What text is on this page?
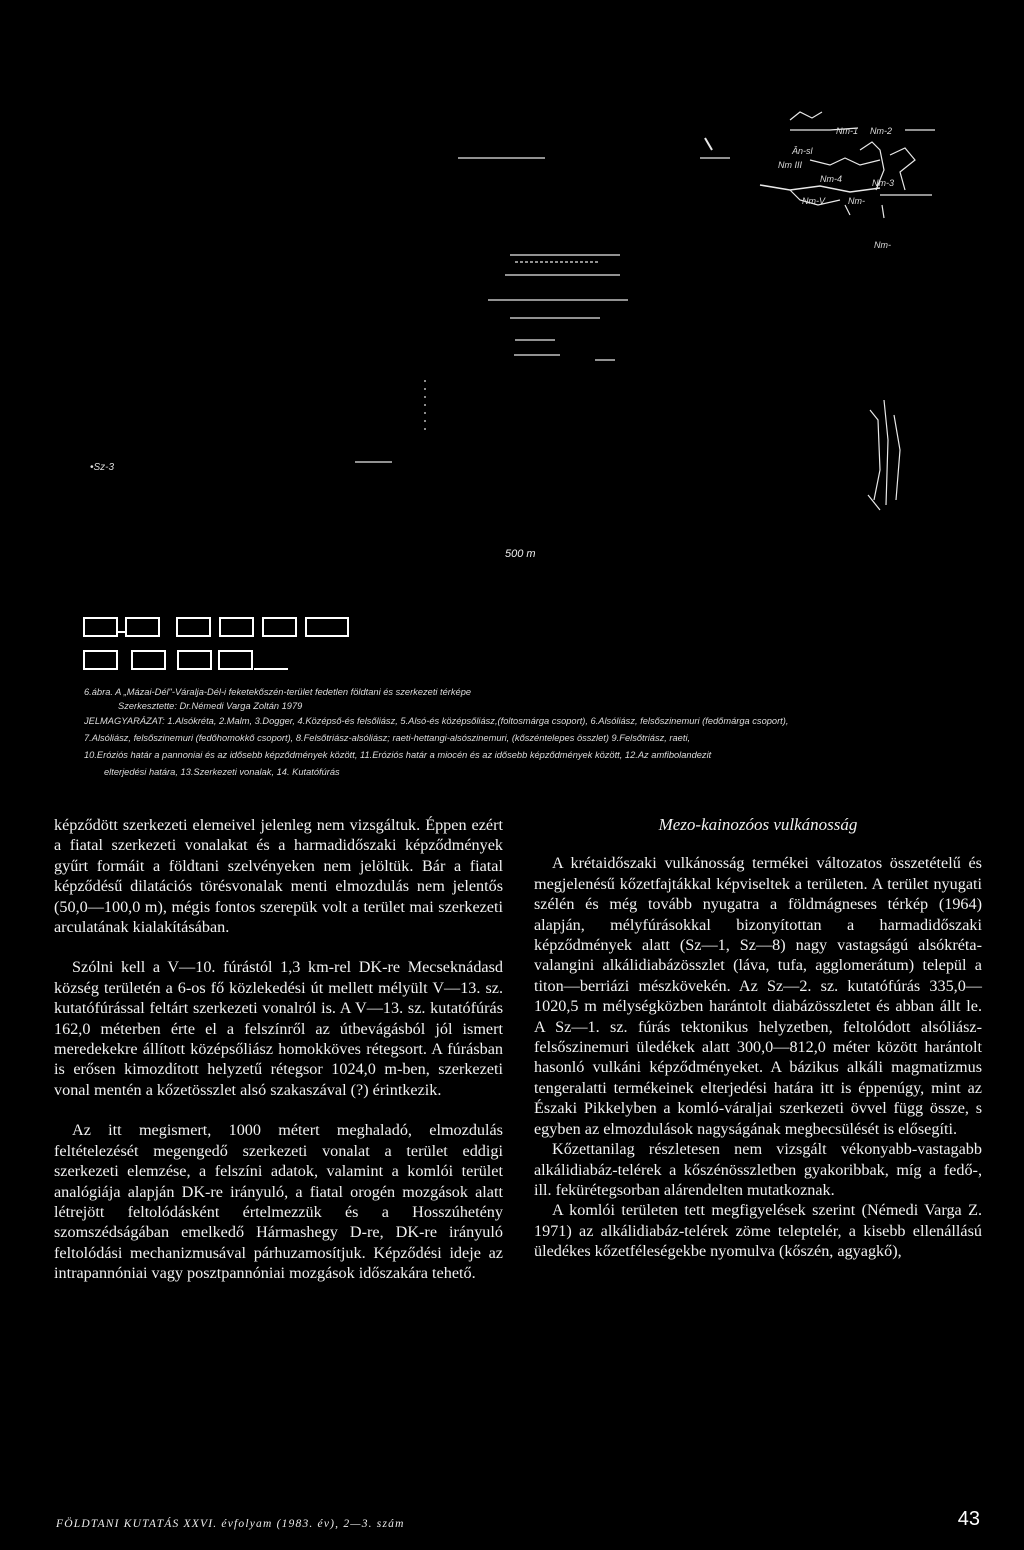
Nm-1 Nm-2
Ân-sl
Nm III
Nm-4	Nm-3
Nm-V	Nm-
Nm-
•Sz-3
500 m
6.ábra. A „Mázai-Dél"-Váralja-Dél-i feketekőszén-terület fedetlen földtani és szerkezeti térképe
Szerkesztette: Dr.Némedi Varga Zoltán 1979
JELMAGYARÁZAT: 1.Alsókréta, 2.Malm, 3.Dogger, 4.Középső-és felsőliász, 5.Alsó-és középsőliász,(foltosmárga csoport), 6.Alsóliász, felsőszinemuri (fedőmárga csoport),
7.Alsóliász, felsőszinemuri (fedőhomokkő csoport), 8.Felsőtriász-alsóliász; raeti-hettangi-alsószinemuri, (kőszéntelepes összlet) 9.Felsőtriász, raeti,
10.Eróziós határ a pannoniai és az idősebb képződmények között, 11.Eróziós határ a miocén és az idősebb képződmények között, 12.Az amfibolandezit
elterjedési határa, 13.Szerkezeti vonalak, 14. Kutatófúrás

képződött szerkezeti elemeivel jelenleg nem vizsgáltuk. Éppen ezért a fiatal szerkezeti vonalakat és a harmadidőszaki képződmények gyűrt formáit a földtani szelvényeken nem jelöltük. Bár a fiatal képződésű dilatációs törésvonalak menti elmozdulás nem jelentős (50,0—100,0 m), mégis fontos szerepük volt a terület mai szerkezeti arculatának kialakításában.

Szólni kell a V—10. fúrástól 1,3 km-rel DK-re Mecseknádasd község területén a 6-os fő közlekedési út mellett mélyült V—13. sz. kutatófúrással feltárt szerkezeti vonalról is. A V—13. sz. kutatófúrás 162,0 méterben érte el a felszínről az útbevágásból jól ismert meredekekre állított középsőliász homokköves rétegsort. A fúrásban is erősen kimozdított helyzetű rétegsor 1024,0 m-ben, szerkezeti vonal mentén a kőzetösszlet alsó szakaszával (?) érintkezik.

Az itt megismert, 1000 métert meghaladó, elmozdulás feltételezését megengedő szerkezeti vonalat a terület eddigi szerkezeti elemzése, a felszíni adatok, valamint a komlói terület analógiája alapján DK-re irányuló, a fiatal orogén mozgások alatt létrejött feltolódásként értelmezzük és a Hosszúhetény szomszédságában emelkedő Hármashegy D-re, DK-re irányuló feltolódási mechanizmusával párhuzamosítjuk. Képződési ideje az intrapannóniai vagy posztpannóniai mozgások időszakára tehető.

Mezo-kainozóos vulkánosság

A krétaidőszaki vulkánosság termékei változatos összetételű és megjelenésű kőzetfajtákkal képviseltek a területen. A terület nyugati szélén és még tovább nyugatra a földmágneses térkép (1964) alapján, mélyfúrásokkal bizonyítottan a harmadidőszaki képződmények alatt (Sz—1, Sz—8) nagy vastagságú alsókréta-valangini alkálidiabázösszlet (láva, tufa, agglomerátum) települ a titon—berriázi mészkövekén. Az Sz—2. sz. kutatófúrás 335,0—1020,5 m mélységközben harántolt diabázösszletet és abban állt le. A Sz—1. sz. fúrás tektonikus helyzetben, feltolódott alsóliász-felsőszinemuri üledékek alatt 300,0—812,0 méter között harántolt hasonló vulkáni képződményeket. A bázikus alkáli magmatizmus tengeralatti termékeinek elterjedési határa itt is éppenúgy, mint az Északi Pikkelyben a komló-váraljai szerkezeti övvel függ össze, s egyben az elmozdulások nagyságának megbecsülését is elősegíti.

Kőzettanilag részletesen nem vizsgált vékonyabb-vastagabb alkálidiabáz-telérek a kőszénösszletben gyakoribbak, míg a fedő-, ill. fekürétegsorban alárendelten mutatkoznak.

A komlói területen tett megfigyelések szerint (Némedi Varga Z. 1971) az alkálidiabáz-telérek zöme teleptelér, a kisebb ellenállású üledékes kőzetféleségekbe nyomulva (kőszén, agyagkő),

FÖLDTANI KUTATÁS XXVI. évfolyam (1983. év), 2—3. szám	43
